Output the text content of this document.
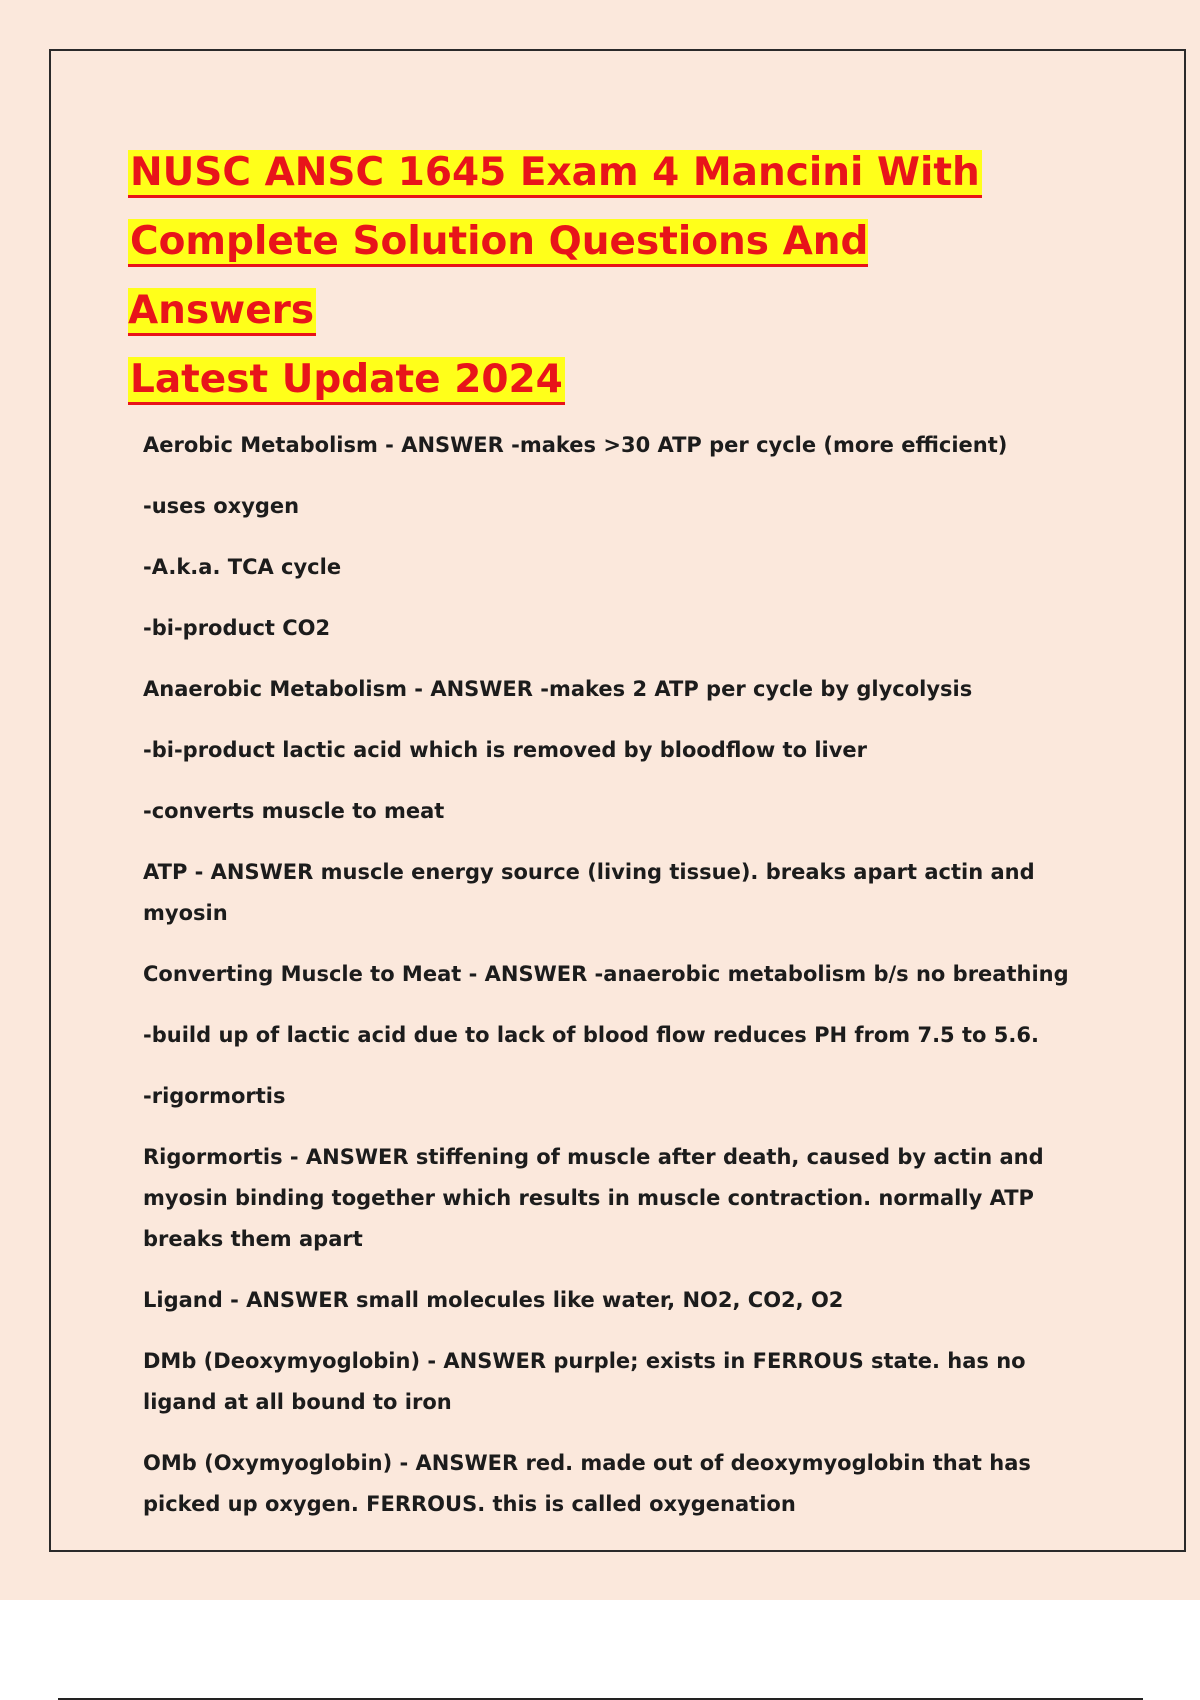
NUSC ANSC 1645 Exam 4 Mancini With
Complete Solution Questions And Answers
Latest Update 2024

Aerobic Metabolism - ANSWER -makes >30 ATP per cycle (more efficient)

-uses oxygen

-A.k.a. TCA cycle

-bi-product CO2

Anaerobic Metabolism - ANSWER -makes 2 ATP per cycle by glycolysis

-bi-product lactic acid which is removed by bloodflow to liver

-converts muscle to meat

ATP - ANSWER muscle energy source (living tissue). breaks apart actin and myosin

Converting Muscle to Meat - ANSWER -anaerobic metabolism b/s no breathing

-build up of lactic acid due to lack of blood flow reduces PH from 7.5 to 5.6.

-rigormortis

Rigormortis - ANSWER stiffening of muscle after death, caused by actin and myosin binding together which results in muscle contraction. normally ATP breaks them apart

Ligand - ANSWER small molecules like water, NO2, CO2, O2

DMb (Deoxymyoglobin) - ANSWER purple; exists in FERROUS state. has no ligand at all bound to iron

OMb (Oxymyoglobin) - ANSWER red. made out of deoxymyoglobin that has picked up oxygen. FERROUS. this is called oxygenation
